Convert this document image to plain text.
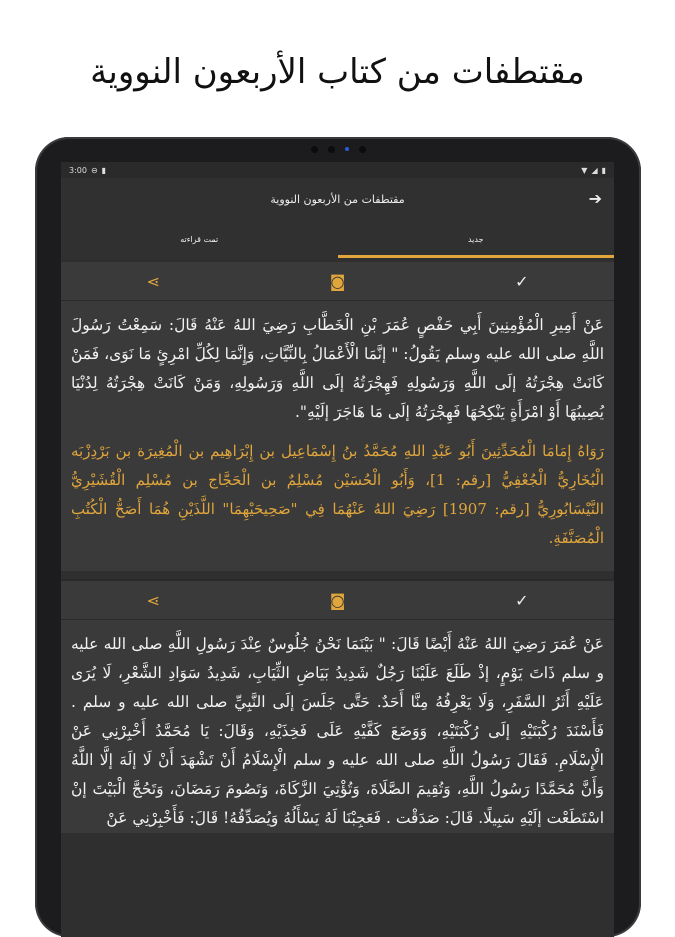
مقتطفات من كتاب الأربعون النووية
3:00 ⊖ ▮	▼ ◢ ▮
➔
مقتطفات من الأربعون النووية
جديد
تمت قراءته
⋖	◙	✓
عَنْ أَمِيرِ الْمُؤْمِنِينَ أَبِي حَفْصٍ عُمَرَ بْنِ الْخَطَّابِ رَضِيَ اللهُ عَنْهُ قَالَ: سَمِعْتُ رَسُولَ اللَّهِ صلى الله عليه وسلم يَقُولُ: " إنَّمَا الْأَعْمَالُ بِالنِّيَّاتِ، وَإِنَّمَا لِكُلِّ امْرِئٍ مَا نَوَى، فَمَنْ كَانَتْ هِجْرَتُهُ إلَى اللَّهِ وَرَسُولِهِ فَهِجْرَتُهُ إلَى اللَّهِ وَرَسُولِهِ، وَمَنْ كَانَتْ هِجْرَتُهُ لِدُنْيَا يُصِيبُهَا أَوْ امْرَأَةٍ يَنْكِحُهَا فَهِجْرَتُهُ إلَى مَا هَاجَرَ إلَيْهِ".
رَوَاهُ إِمَامَا الْمُحَدِّثِينَ أَبُو عَبْدِ اللهِ مُحَمَّدُ بنُ إِسْمَاعِيل بن إِبْرَاهِيم بن الْمُغِيرَة بن بَرْدِزْبَه الْبُخَارِيُّ الْجُعْفِيُّ [رقم: 1]، وَأَبُو الْحُسَيْن مُسْلِمٌ بن الْحَجَّاج بن مُسْلِم الْقُشَيْرِيُّ النَّيْسَابُورِيُّ [رقم: 1907] رَضِيَ اللهُ عَنْهُمَا فِي "صَحِيحَيْهِمَا" اللَّذَيْنِ هُمَا أَصَحُّ الْكُتُبِ الْمُصَنَّفَةِ.
⋖	◙	✓
عَنْ عُمَرَ رَضِيَ اللهُ عَنْهُ أَيْضًا قَالَ: " بَيْنَمَا نَحْنُ جُلُوسٌ عِنْدَ رَسُولِ اللَّهِ صلى الله عليه و سلم ذَاتَ يَوْمٍ، إذْ طَلَعَ عَلَيْنَا رَجُلٌ شَدِيدُ بَيَاضِ الثِّيَابِ، شَدِيدُ سَوَادِ الشَّعْرِ، لَا يُرَى عَلَيْهِ أَثَرُ السَّفَرِ، وَلَا يَعْرِفُهُ مِنَّا أَحَدٌ. حَتَّى جَلَسَ إلَى النَّبِيِّ صلى الله عليه و سلم . فَأَسْنَدَ رُكْبَتَيْهِ إلَى رُكْبَتَيْهِ، وَوَضَعَ كَفَّيْهِ عَلَى فَخِذَيْهِ، وَقَالَ: يَا مُحَمَّدُ أَخْبِرْنِي عَنْ الْإِسْلَامِ. فَقَالَ رَسُولُ اللَّهِ صلى الله عليه و سلم الْإِسْلَامُ أَنْ تَشْهَدَ أَنْ لَا إلَهَ إلَّا اللَّهُ وَأَنَّ مُحَمَّدًا رَسُولُ اللَّهِ، وَتُقِيمَ الصَّلَاةَ، وَتُؤْتِيَ الزَّكَاةَ، وَتَصُومَ رَمَضَانَ، وَتَحُجَّ الْبَيْتَ إنْ اسْتَطَعْت إلَيْهِ سَبِيلًا. قَالَ: صَدَقْت . فَعَجِبْنَا لَهُ يَسْأَلُهُ وَيُصَدِّقُهُ! قَالَ: فَأَخْبِرْنِي عَنْ
